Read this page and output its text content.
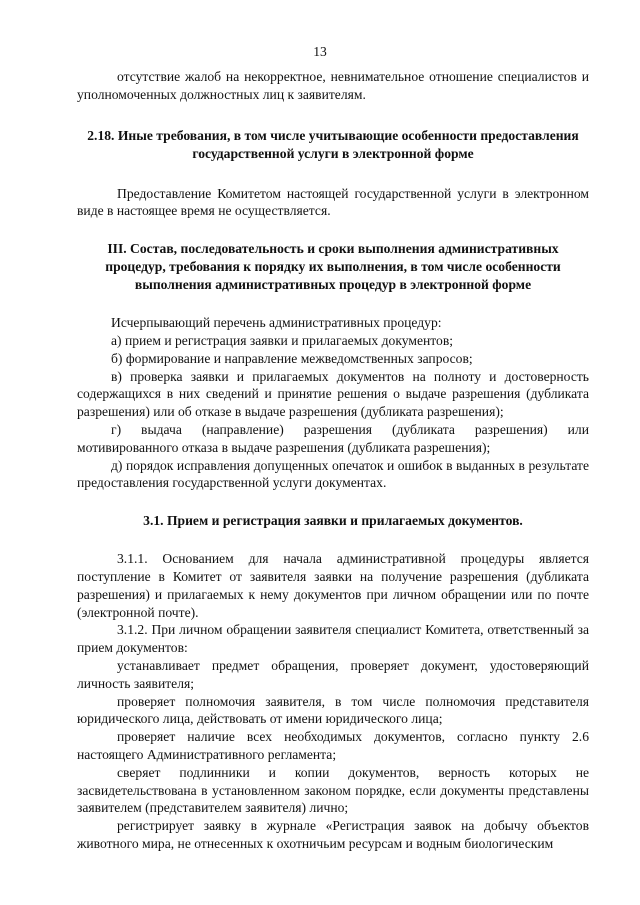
13

отсутствие жалоб на некорректное, невнимательное отношение специалистов и уполномоченных должностных лиц к заявителям.

2.18. Иные требования, в том числе учитывающие особенности предоставления государственной услуги в электронной форме

Предоставление Комитетом настоящей государственной услуги в электронном виде в настоящее время не осуществляется.

III. Состав, последовательность и сроки выполнения административных процедур, требования к порядку их выполнения, в том числе особенности выполнения административных процедур в электронной форме

Исчерпывающий перечень административных процедур:

а) прием и регистрация заявки и прилагаемых документов;

б) формирование и направление межведомственных запросов;

в) проверка заявки и прилагаемых документов на полноту и достоверность содержащихся в них сведений и принятие решения о выдаче разрешения (дубликата разрешения) или об отказе в выдаче разрешения (дубликата разрешения);

г) выдача (направление) разрешения (дубликата разрешения) или мотивированного отказа в выдаче разрешения (дубликата разрешения);

д) порядок исправления допущенных опечаток и ошибок в выданных в результате предоставления государственной услуги документах.

3.1. Прием и регистрация заявки и прилагаемых документов.

3.1.1. Основанием для начала административной процедуры является поступление в Комитет от заявителя заявки на получение разрешения (дубликата разрешения) и прилагаемых к нему документов при личном обращении или по почте (электронной почте).

3.1.2. При личном обращении заявителя специалист Комитета, ответственный за прием документов:

устанавливает предмет обращения, проверяет документ, удостоверяющий личность заявителя;

проверяет полномочия заявителя, в том числе полномочия представителя юридического лица, действовать от имени юридического лица;

проверяет наличие всех необходимых документов, согласно пункту 2.6 настоящего Административного регламента;

сверяет подлинники и копии документов, верность которых не засвидетельствована в установленном законом порядке, если документы представлены заявителем (представителем заявителя) лично;

регистрирует заявку в журнале «Регистрация заявок на добычу объектов животного мира, не отнесенных к охотничьим ресурсам и водным биологическим
